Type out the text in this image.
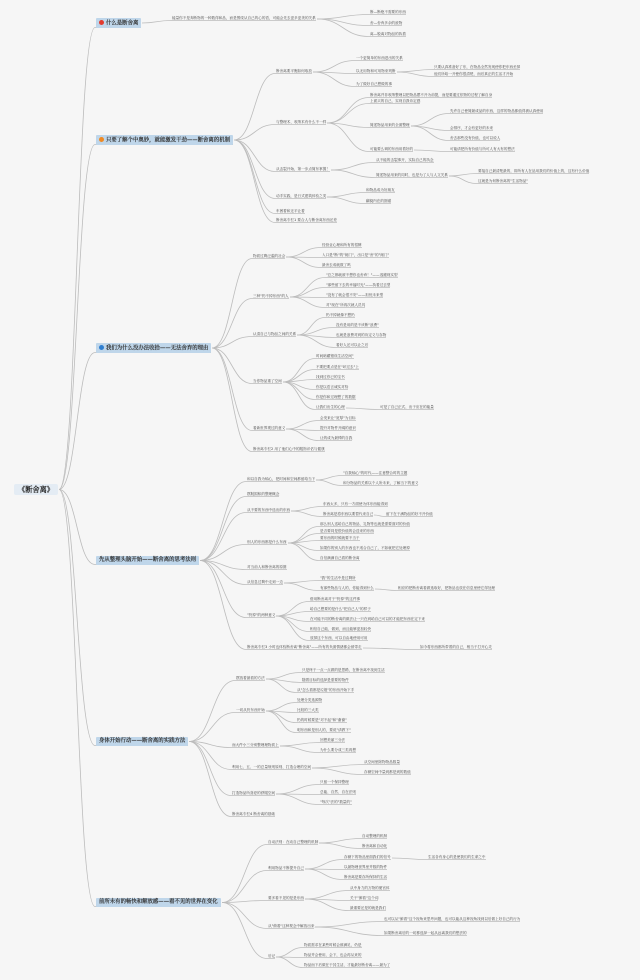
《断舍离》
什么是断舍离
能量你不是奔断物的一种数得和品，而是围绕从自己的心的语，可能会先去更多更美的关系
断—断绝不需要的东西
舍—舍弃多余的废物
离—脱离对物品的执着
只要了解个中奥妙，就能激发干劲——断舍离的机制
断舍离要平衡如何取放
一个更简单的东西进出的关系
以无用物和可用物来判断
为了做好自己想做的事
只要认真准备好了东，在物品全然发现使你把东西丢掉
他们所给一开使你很清楚，而后真正的生活才开始
与整理术、收纳术有什么不一样
断舍离并非收纳整理以把物品摆不开为前提，而是要通过依物的过程了解自身
上面买的自己，实现自我肯定感
简述物品用来的全面整理
先许自己使简最成品的东西，这样的物品都值得被认真使用
会排序，才会有更好的未来
舍去那些没有价值，也可以说人
可能要么调的东西用着好的	可能请把所有价值与所可人有大有的想法
从击裂开始，第一步点简东掌握！
从不能的击裂事开，实际自己的执念
简述物品用来的同时，也是为了人与人文关系
要接自己最清楚最的，即所有人在品用我们的价值上的，这有什么价值
这就是为何断舍离的"生活物品"
动手实践，是日式建筑体验之类
和物品成为好朋友
翻阅内在的图谱
车困着和还平让着
断舍离专栏1 要合人与断舍离东西还差
我们为什么没办法收拾——无法舍弃的理由
物质过剩泛滥的社会
经营业心理和所有的招牌
入口是"断"的"闸门"，出口是"舍"的"闸门"
最舍去成就数了吗
三种"扔不掉东西"的人
"总之都就被不想你也舍弃！"——逃避现实型
"那些留下去的幸福时光"——执着过去型
"没有了就会很不安"——担忧未来型
对"现在"所再次就人员具
认清自己与物品之间的关系
扔不掉就像不想扔
没有是用的是不该断"浪费"
也就是浪费对到的肯定义与存物
看好人还可以让之后
当你物品重了空间
时间暗藏错误生活空间"
不要把要点是在"坏过去"上
找到过你已的宝书
你是以语言诚实对待
你是你和过理想了的数据
让我们出生的心理	可是了自己正式、出于应在的能量
看新世界观过的意义
会发来让"宽厚"为目标
提升对物件开阔的意识
让的成为最棒的自我
断舍离专栏2 用了他们心中的服饰评估与健康
先从整理头脑开始——断舍离的思考法则
和以自我为轴心，把时间和空间都留给当下
"自我轴心"的时代——注意整合时的主题
和分物品的关系以个人所未来，了解当下的意义
摆脱囤积的整理概念
从不要的东西中选出的东西
东西太多，只有一方面使为体东西能得到
断舍离是将东西以要替代来自己	留下在于满物品的好不开价值
别人的东西都是什么东西
那么别人送给自己的物品、礼物等也就是需要面对的价值
是否要同是很价值的会送来的东西
要东西的时候就要不当于
如果你的别人的东西也不适合自己了，不如就把它处理掉
自信满满自己看的断舍离
对当前人和断舍离的原图
从信息过剩中走到一边
"我"的生活中是过剩所
有那些物品与人的，你能得到什么	相应的把断舍离看做选取好，把物品也放在信息里使它得处理
"扔掉"的两种意义
借用断舍离对于"扔掉"的这件事
给自己想要的是什么"把自己人"的样子
在可能不同的断舍离的做法让一只在到给自己可以的才能把东西在定下来
相信自己能，做到，而且能够更加轻快
放掉这个东西，可以自由地使用可用
断舍离专栏3 小时也体验断舍离"断舍离"——所有的负面情绪都会被带走	如今将东西都所带着的自己，相当于打开心灵
身体开始行动——断舍离的实践方法
摆放着最看的方法
只是终于一点一点做的是思路，在断舍离中找到生活
随着目标的选择是需要的物件
从"怎么看都是垃圾"的东西开始下手
一切从扔东西开始
处理分类选源物
比较的三大类
扔的时候要是"对不起"和"谢谢"
明东西和是别人的，要说"请教下"
而大件小三分别整理理物质上
回想美丽三分法
为什么要分成三类再想
利用七、五、一的总量规则原则、打造合理的空间
从空间里除物物品数量
存储空间中量到都是到的数值
打造物品所喜爱的舒服空间
只留一个保持整理
总能、自然、自在法则
"每次"法的"数量的"
断舍离专栏4 断舍离的基础
前所未有的畅快和解放感——看不见的世界在变化
自动法则：在动自己整理的机制
自动整理的机制
断舍离和自动化
利用物品不断提升自己
存储下的物品里面我们的信号	生活各有身心的是使我们的生命之中
以最物理世界里并数的物件
断舍离是要存所保持的生活
要多看不见的是是东西
从中身力的万物的便官体
关于"俯看"这个词
最重要还是的就是我们
从"俯看"这种观念中解放出来
也可以从"俯看"这个视角来思考问题，也可以能从这种视角找到以后做上好自己的行为
如果断舍离后的一切都选择一起从远离我们的想法的
后记
物质需求在某些时候会被满足，仍是
物品并会使用，会下，也会再从来的
物品而下后做在于其生活，才能最好断舍离——最为了
